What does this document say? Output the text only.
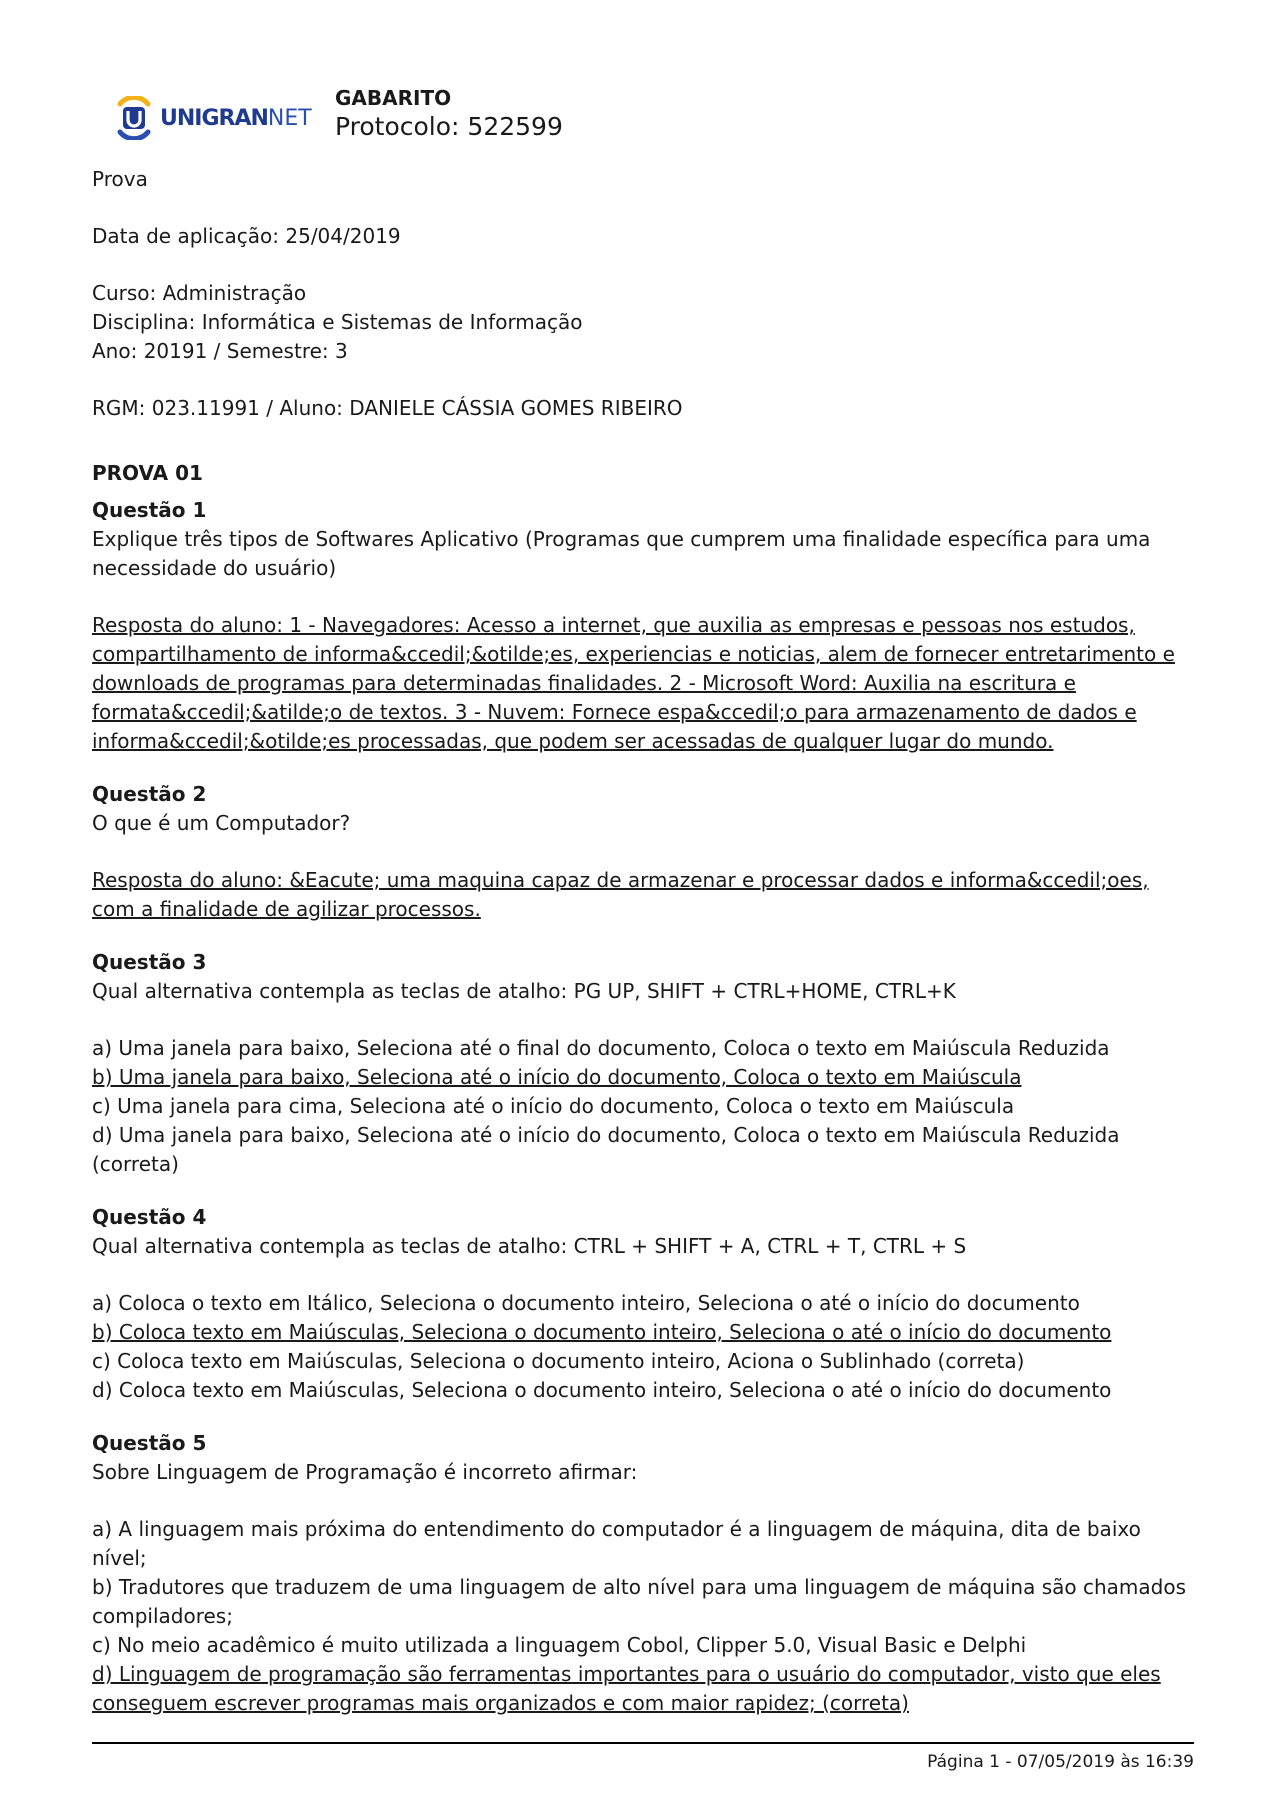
UNIGRANNET
GABARITO
Protocolo: 522599

Prova

Data de aplicação: 25/04/2019

Curso: Administração

Disciplina: Informática e Sistemas de Informação

Ano: 20191 / Semestre: 3

RGM: 023.11991 / Aluno: DANIELE CÁSSIA GOMES RIBEIRO

PROVA 01

Questão 1

Explique três tipos de Softwares Aplicativo (Programas que cumprem uma finalidade específica para uma necessidade do usuário)

Resposta do aluno: 1 - Navegadores: Acesso a internet, que auxilia as empresas e pessoas nos estudos, compartilhamento de informa&ccedil;&otilde;es, experiencias e noticias, alem de fornecer entretarimento e downloads de programas para determinadas finalidades. 2 - Microsoft Word: Auxilia na escritura e formata&ccedil;&atilde;o de textos. 3 - Nuvem: Fornece espa&ccedil;o para armazenamento de dados e informa&ccedil;&otilde;es processadas, que podem ser acessadas de qualquer lugar do mundo.

Questão 2

O que é um Computador?

Resposta do aluno: &Eacute; uma maquina capaz de armazenar e processar dados e informa&ccedil;oes, com a finalidade de agilizar processos.

Questão 3

Qual alternativa contempla as teclas de atalho: PG UP, SHIFT + CTRL+HOME, CTRL+K

a) Uma janela para baixo, Seleciona até o final do documento, Coloca o texto em Maiúscula Reduzida

b) Uma janela para baixo, Seleciona até o início do documento, Coloca o texto em Maiúscula

c) Uma janela para cima, Seleciona até o início do documento, Coloca o texto em Maiúscula

d) Uma janela para baixo, Seleciona até o início do documento, Coloca o texto em Maiúscula Reduzida (correta)

Questão 4

Qual alternativa contempla as teclas de atalho: CTRL + SHIFT + A, CTRL + T, CTRL + S

a) Coloca o texto em Itálico, Seleciona o documento inteiro, Seleciona o até o início do documento

b) Coloca texto em Maiúsculas, Seleciona o documento inteiro, Seleciona o até o início do documento

c) Coloca texto em Maiúsculas, Seleciona o documento inteiro, Aciona o Sublinhado (correta)

d) Coloca texto em Maiúsculas, Seleciona o documento inteiro, Seleciona o até o início do documento

Questão 5

Sobre Linguagem de Programação é incorreto afirmar:

a) A linguagem mais próxima do entendimento do computador é a linguagem de máquina, dita de baixo nível;

b) Tradutores que traduzem de uma linguagem de alto nível para uma linguagem de máquina são chamados compiladores;

c) No meio acadêmico é muito utilizada a linguagem Cobol, Clipper 5.0, Visual Basic e Delphi

d) Linguagem de programação são ferramentas importantes para o usuário do computador, visto que eles conseguem escrever programas mais organizados e com maior rapidez; (correta)

Página 1 - 07/05/2019 às 16:39
